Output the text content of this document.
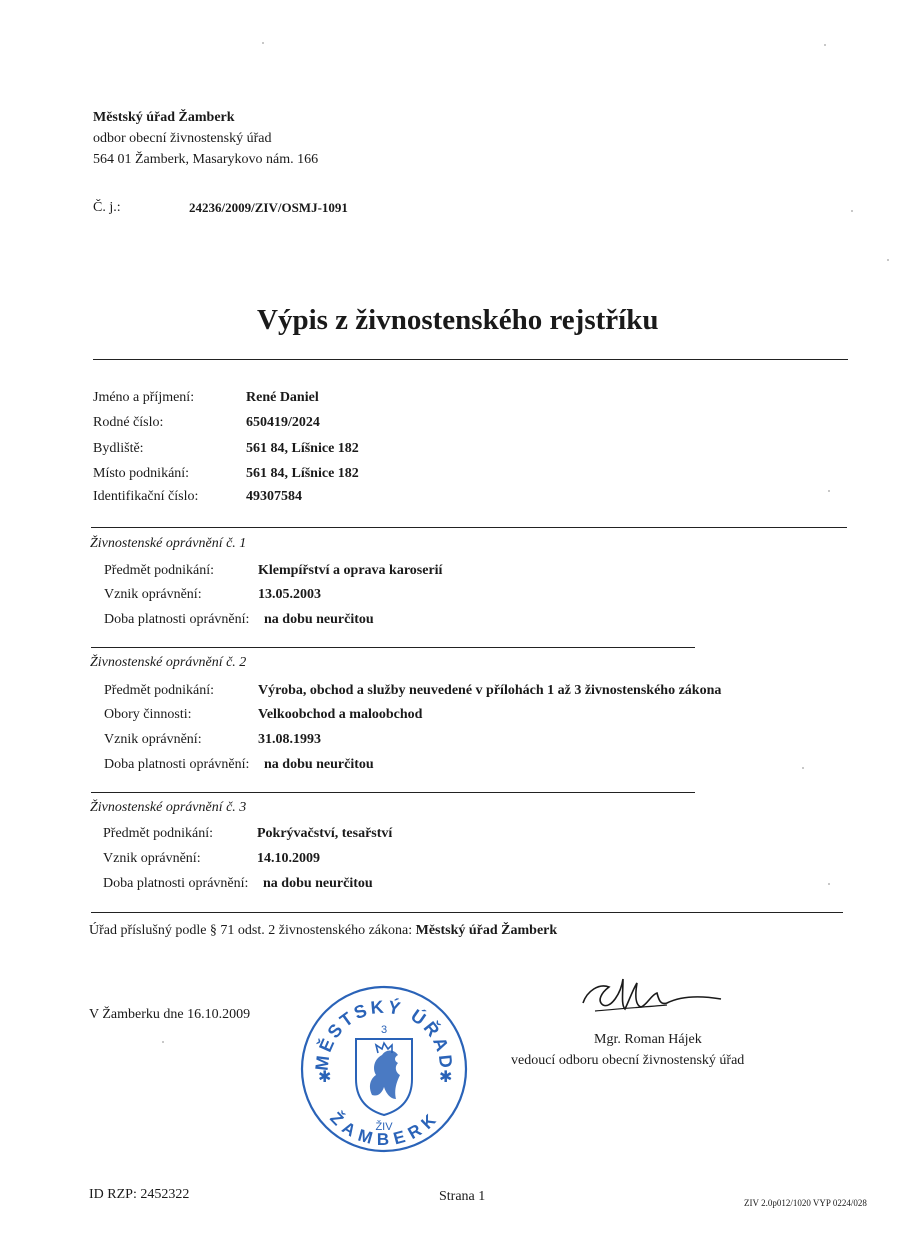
Městský úřad Žamberk
odbor obecní živnostenský úřad
564 01 Žamberk, Masarykovo nám. 166
Č. j.:	24236/2009/ZIV/OSMJ-1091
Výpis z živnostenského rejstříku
Jméno a příjmení:	René Daniel
Rodné číslo:	650419/2024
Bydliště:	561 84, Líšnice 182
Místo podnikání:	561 84, Líšnice 182
Identifikační číslo:	49307584
Živnostenské oprávnění č. 1
Předmět podnikání:	Klempířství a oprava karoserií
Vznik oprávnění:	13.05.2003
Doba platnosti oprávnění: na dobu neurčitou
Živnostenské oprávnění č. 2
Předmět podnikání:	Výroba, obchod a služby neuvedené v přílohách 1 až 3 živnostenského zákona
Obory činnosti:	Velkoobchod a maloobchod
Vznik oprávnění:	31.08.1993
Doba platnosti oprávnění: na dobu neurčitou
Živnostenské oprávnění č. 3
Předmět podnikání:	Pokrývačství, tesařství
Vznik oprávnění:	14.10.2009
Doba platnosti oprávnění: na dobu neurčitou
Úřad příslušný podle § 71 odst. 2 živnostenského zákona: Městský úřad Žamberk
V Žamberku dne 16.10.2009
MĚSTSKÝ ÚŘAD
ŽAMBERK
✱	✱
3
ŽIV
Mgr. Roman Hájek
vedoucí odboru obecní živnostenský úřad
ID RZP: 2452322	Strana 1	ZIV 2.0p012/1020 VYP 0224/028
